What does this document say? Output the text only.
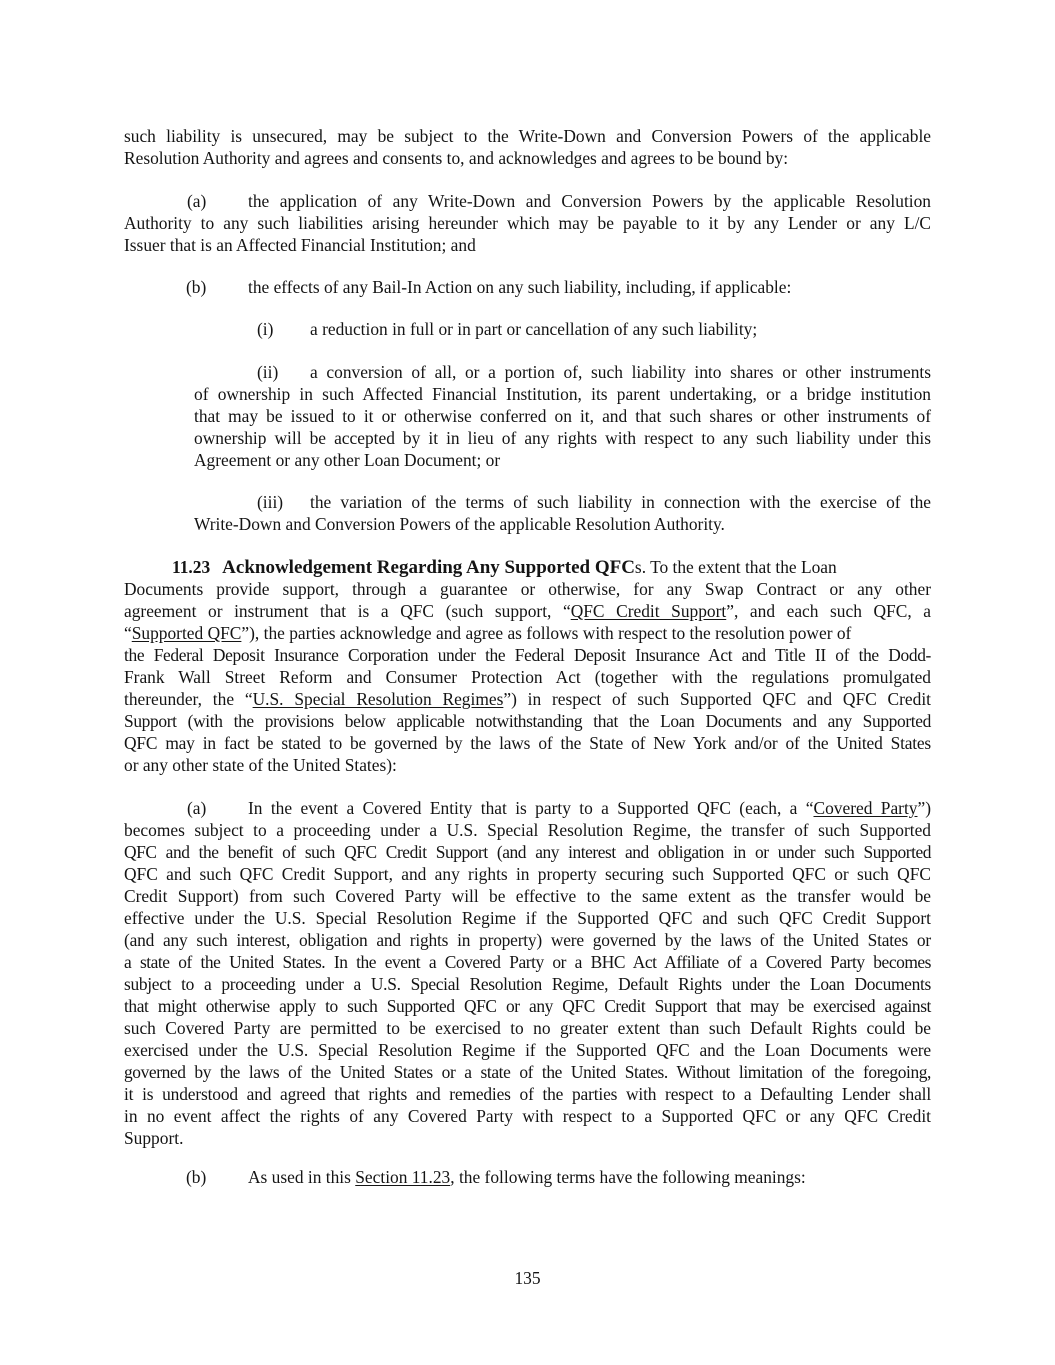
such liability is unsecured, may be subject to the Write-Down and Conversion Powers of the applicable
Resolution Authority and agrees and consents to, and acknowledges and agrees to be bound by:
(a) the application of any Write-Down and Conversion Powers by the applicable Resolution
Authority to any such liabilities arising hereunder which may be payable to it by any Lender or any L/C
Issuer that is an Affected Financial Institution; and
(b) the effects of any Bail-In Action on any such liability, including, if applicable:
(i) a reduction in full or in part or cancellation of any such liability;
(ii) a conversion of all, or a portion of, such liability into shares or other instruments
of ownership in such Affected Financial Institution, its parent undertaking, or a bridge institution
that may be issued to it or otherwise conferred on it, and that such shares or other instruments of
ownership will be accepted by it in lieu of any rights with respect to any such liability under this
Agreement or any other Loan Document; or
(iii) the variation of the terms of such liability in connection with the exercise of the
Write-Down and Conversion Powers of the applicable Resolution Authority.
11.23 Acknowledgement Regarding Any Supported QFCs. To the extent that the Loan
Documents provide support, through a guarantee or otherwise, for any Swap Contract or any other
agreement or instrument that is a QFC (such support, “QFC Credit Support”, and each such QFC, a
“Supported QFC”), the parties acknowledge and agree as follows with respect to the resolution power of
the Federal Deposit Insurance Corporation under the Federal Deposit Insurance Act and Title II of the Dodd-
Frank Wall Street Reform and Consumer Protection Act (together with the regulations promulgated
thereunder, the “U.S. Special Resolution Regimes”) in respect of such Supported QFC and QFC Credit
Support (with the provisions below applicable notwithstanding that the Loan Documents and any Supported
QFC may in fact be stated to be governed by the laws of the State of New York and/or of the United States
or any other state of the United States):
(a) In the event a Covered Entity that is party to a Supported QFC (each, a “Covered Party”)
becomes subject to a proceeding under a U.S. Special Resolution Regime, the transfer of such Supported
QFC and the benefit of such QFC Credit Support (and any interest and obligation in or under such Supported
QFC and such QFC Credit Support, and any rights in property securing such Supported QFC or such QFC
Credit Support) from such Covered Party will be effective to the same extent as the transfer would be
effective under the U.S. Special Resolution Regime if the Supported QFC and such QFC Credit Support
(and any such interest, obligation and rights in property) were governed by the laws of the United States or
a state of the United States. In the event a Covered Party or a BHC Act Affiliate of a Covered Party becomes
subject to a proceeding under a U.S. Special Resolution Regime, Default Rights under the Loan Documents
that might otherwise apply to such Supported QFC or any QFC Credit Support that may be exercised against
such Covered Party are permitted to be exercised to no greater extent than such Default Rights could be
exercised under the U.S. Special Resolution Regime if the Supported QFC and the Loan Documents were
governed by the laws of the United States or a state of the United States. Without limitation of the foregoing,
it is understood and agreed that rights and remedies of the parties with respect to a Defaulting Lender shall
in no event affect the rights of any Covered Party with respect to a Supported QFC or any QFC Credit
Support.
(b) As used in this Section 11.23, the following terms have the following meanings:
135
